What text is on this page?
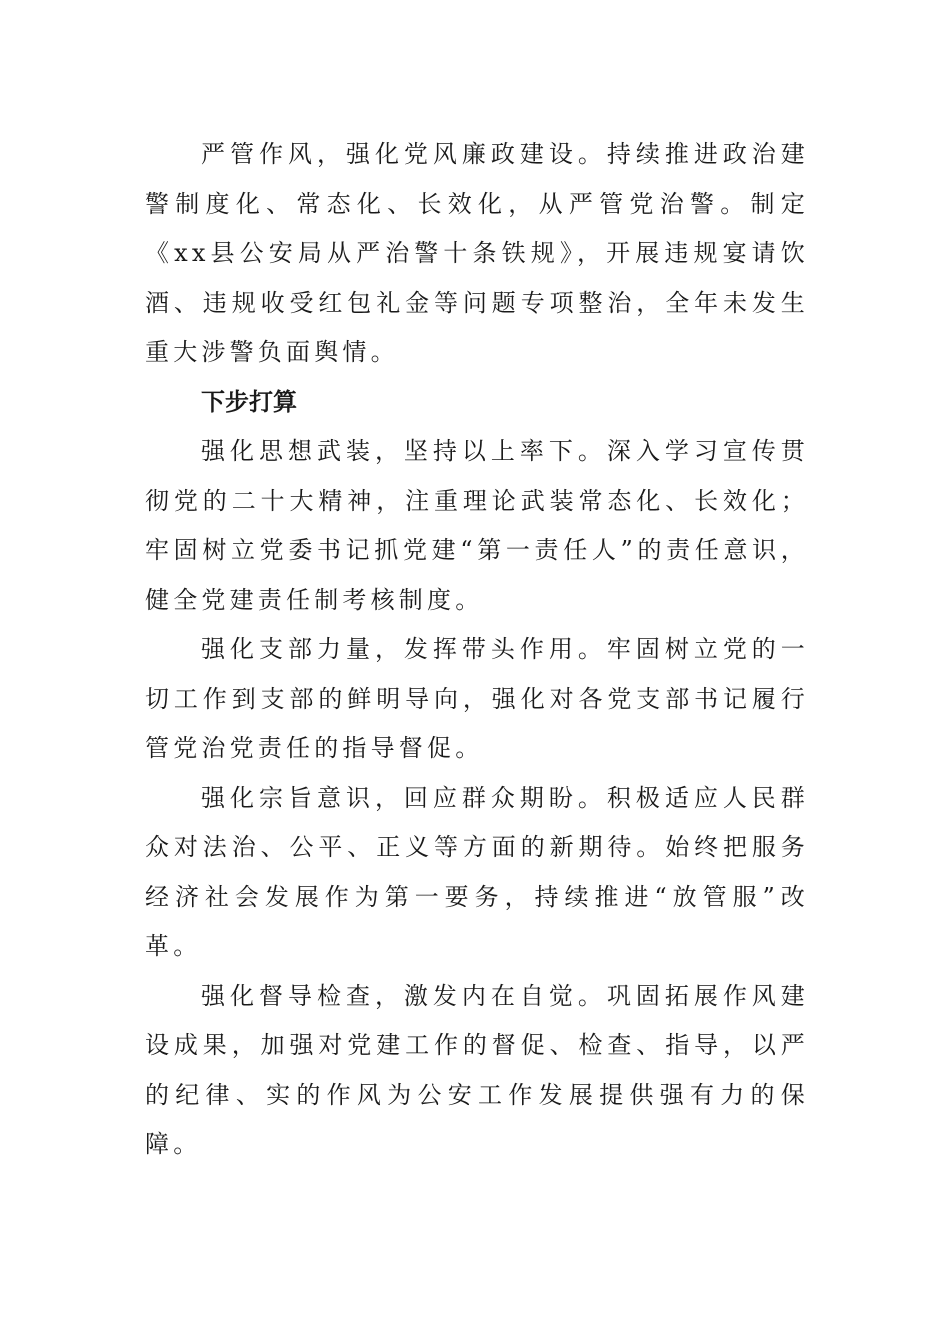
严管作风，强化党风廉政建设。持续推进政治建警制度化、常态化、长效化，从严管党治警。制定《xx县公安局从严治警十条铁规》，开展违规宴请饮酒、违规收受红包礼金等问题专项整治，全年未发生重大涉警负面舆情。

下步打算

强化思想武装，坚持以上率下。深入学习宣传贯彻党的二十大精神，注重理论武装常态化、长效化；牢固树立党委书记抓党建“第一责任人”的责任意识，健全党建责任制考核制度。

强化支部力量，发挥带头作用。牢固树立党的一切工作到支部的鲜明导向，强化对各党支部书记履行管党治党责任的指导督促。

强化宗旨意识，回应群众期盼。积极适应人民群众对法治、公平、正义等方面的新期待。始终把服务经济社会发展作为第一要务，持续推进“放管服”改革。

强化督导检查，激发内在自觉。巩固拓展作风建设成果，加强对党建工作的督促、检查、指导，以严的纪律、实的作风为公安工作发展提供强有力的保障。
